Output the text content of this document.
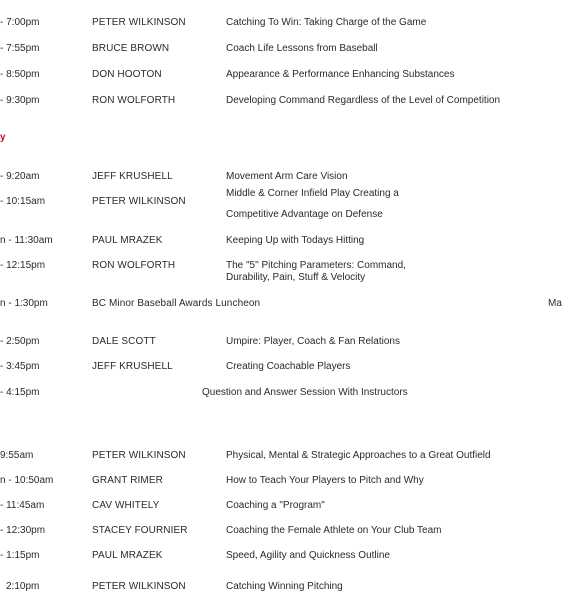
- 7:00pm	PETER WILKINSON	Catching To Win: Taking Charge of the Game
- 7:55pm	BRUCE BROWN	Coach Life Lessons from Baseball
- 8:50pm	DON HOOTON	Appearance & Performance Enhancing Substances
- 9:30pm	RON WOLFORTH	Developing Command Regardless of the Level of Competition
y
- 9:20am	JEFF KRUSHELL	Movement Arm Care Vision
- 10:15am	PETER WILKINSON
Middle & Corner Infield Play Creating a
Competitive Advantage on Defense
n - 11:30am	PAUL MRAZEK	Keeping Up with Todays Hitting
- 12:15pm	RON WOLFORTH	The "5" Pitching Parameters: Command,
Durability, Pain, Stuff & Velocity
n - 1:30pm	BC Minor Baseball Awards Luncheon	Ma
- 2:50pm	DALE SCOTT	Umpire: Player, Coach & Fan Relations
- 3:45pm	JEFF KRUSHELL	Creating Coachable Players
- 4:15pm	Question and Answer Session With Instructors
9:55am	PETER WILKINSON	Physical, Mental & Strategic Approaches to a Great Outfield
n - 10:50am	GRANT RIMER	How to Teach Your Players to Pitch and Why
- 11:45am	CAV WHITELY	Coaching a "Program"
- 12:30pm	STACEY FOURNIER	Coaching the Female Athlete on Your Club Team
- 1:15pm	PAUL MRAZEK	Speed, Agility and Quickness Outline
2:10pm	PETER WILKINSON	Catching Winning Pitching
